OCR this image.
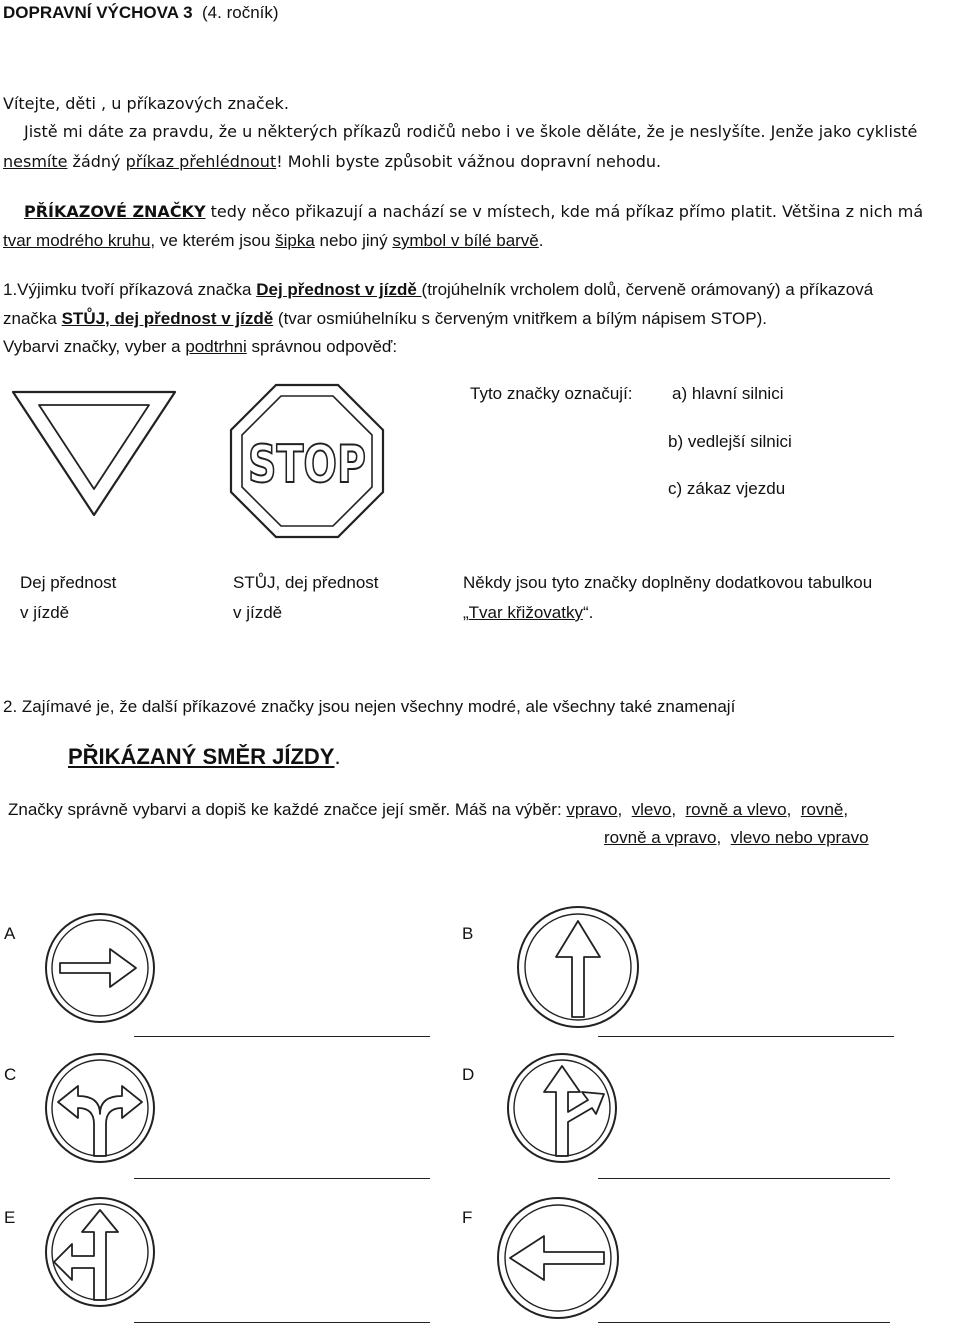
DOPRAVNÍ VÝCHOVA 3 (4. ročník)
Vítejte, děti , u příkazových značek.
Jistě mi dáte za pravdu, že u některých příkazů rodičů nebo i ve škole děláte, že je neslyšíte. Jenže jako cyklisté
nesmíte žádný příkaz přehlédnout! Mohli byste způsobit vážnou dopravní nehodu.
PŘÍKAZOVÉ ZNAČKY tedy něco přikazují a nachází se v místech, kde má příkaz přímo platit. Většina z nich má
tvar modrého kruhu, ve kterém jsou šipka nebo jiný symbol v bílé barvě.
1.Výjimku tvoří příkazová značka Dej přednost v jízdě (trojúhelník vrcholem dolů, červeně orámovaný) a příkazová
značka STŮJ, dej přednost v jízdě (tvar osmiúhelníku s červeným vnitřkem a bílým nápisem STOP).
Vybarvi značky, vyber a podtrhni správnou odpověď:
STOP
Tyto značky označují: a) hlavní silnici
b) vedlejší silnici
c) zákaz vjezdu
Dej přednost
v jízdě
STŮJ, dej přednost
v jízdě
Někdy jsou tyto značky doplněny dodatkovou tabulkou
„Tvar křižovatky“.
2. Zajímavé je, že další příkazové značky jsou nejen všechny modré, ale všechny také znamenají
PŘIKÁZANÝ SMĚR JÍZDY.
Značky správně vybarvi a dopiš ke každé značce její směr. Máš na výběr: vpravo, vlevo, rovně a vlevo, rovně,
rovně a vpravo, vlevo nebo vpravo
A	B
C	D
E	F
